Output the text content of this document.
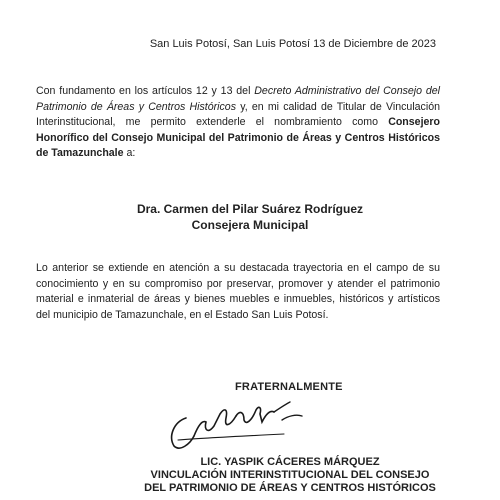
San Luis Potosí, San Luis Potosí 13 de Diciembre de 2023

Con fundamento en los artículos 12 y 13 del Decreto Administrativo del Consejo del Patrimonio de Áreas y Centros Históricos y, en mi calidad de Titular de Vinculación Interinstitucional, me permito extenderle el nombramiento como Consejero Honorífico del Consejo Municipal del Patrimonio de Áreas y Centros Históricos de Tamazunchale a:

Dra. Carmen del Pilar Suárez Rodríguez
Consejera Municipal

Lo anterior se extiende en atención a su destacada trayectoria en el campo de su conocimiento y en su compromiso por preservar, promover y atender el patrimonio material e inmaterial de áreas y bienes muebles e inmuebles, históricos y artísticos del municipio de Tamazunchale, en el Estado San Luis Potosí.

FRATERNALMENTE
LIC. YASPIK CÁCERES MÁRQUEZ
VINCULACIÓN INTERINSTITUCIONAL DEL CONSEJO
DEL PATRIMONIO DE ÁREAS Y CENTROS HISTÓRICOS
